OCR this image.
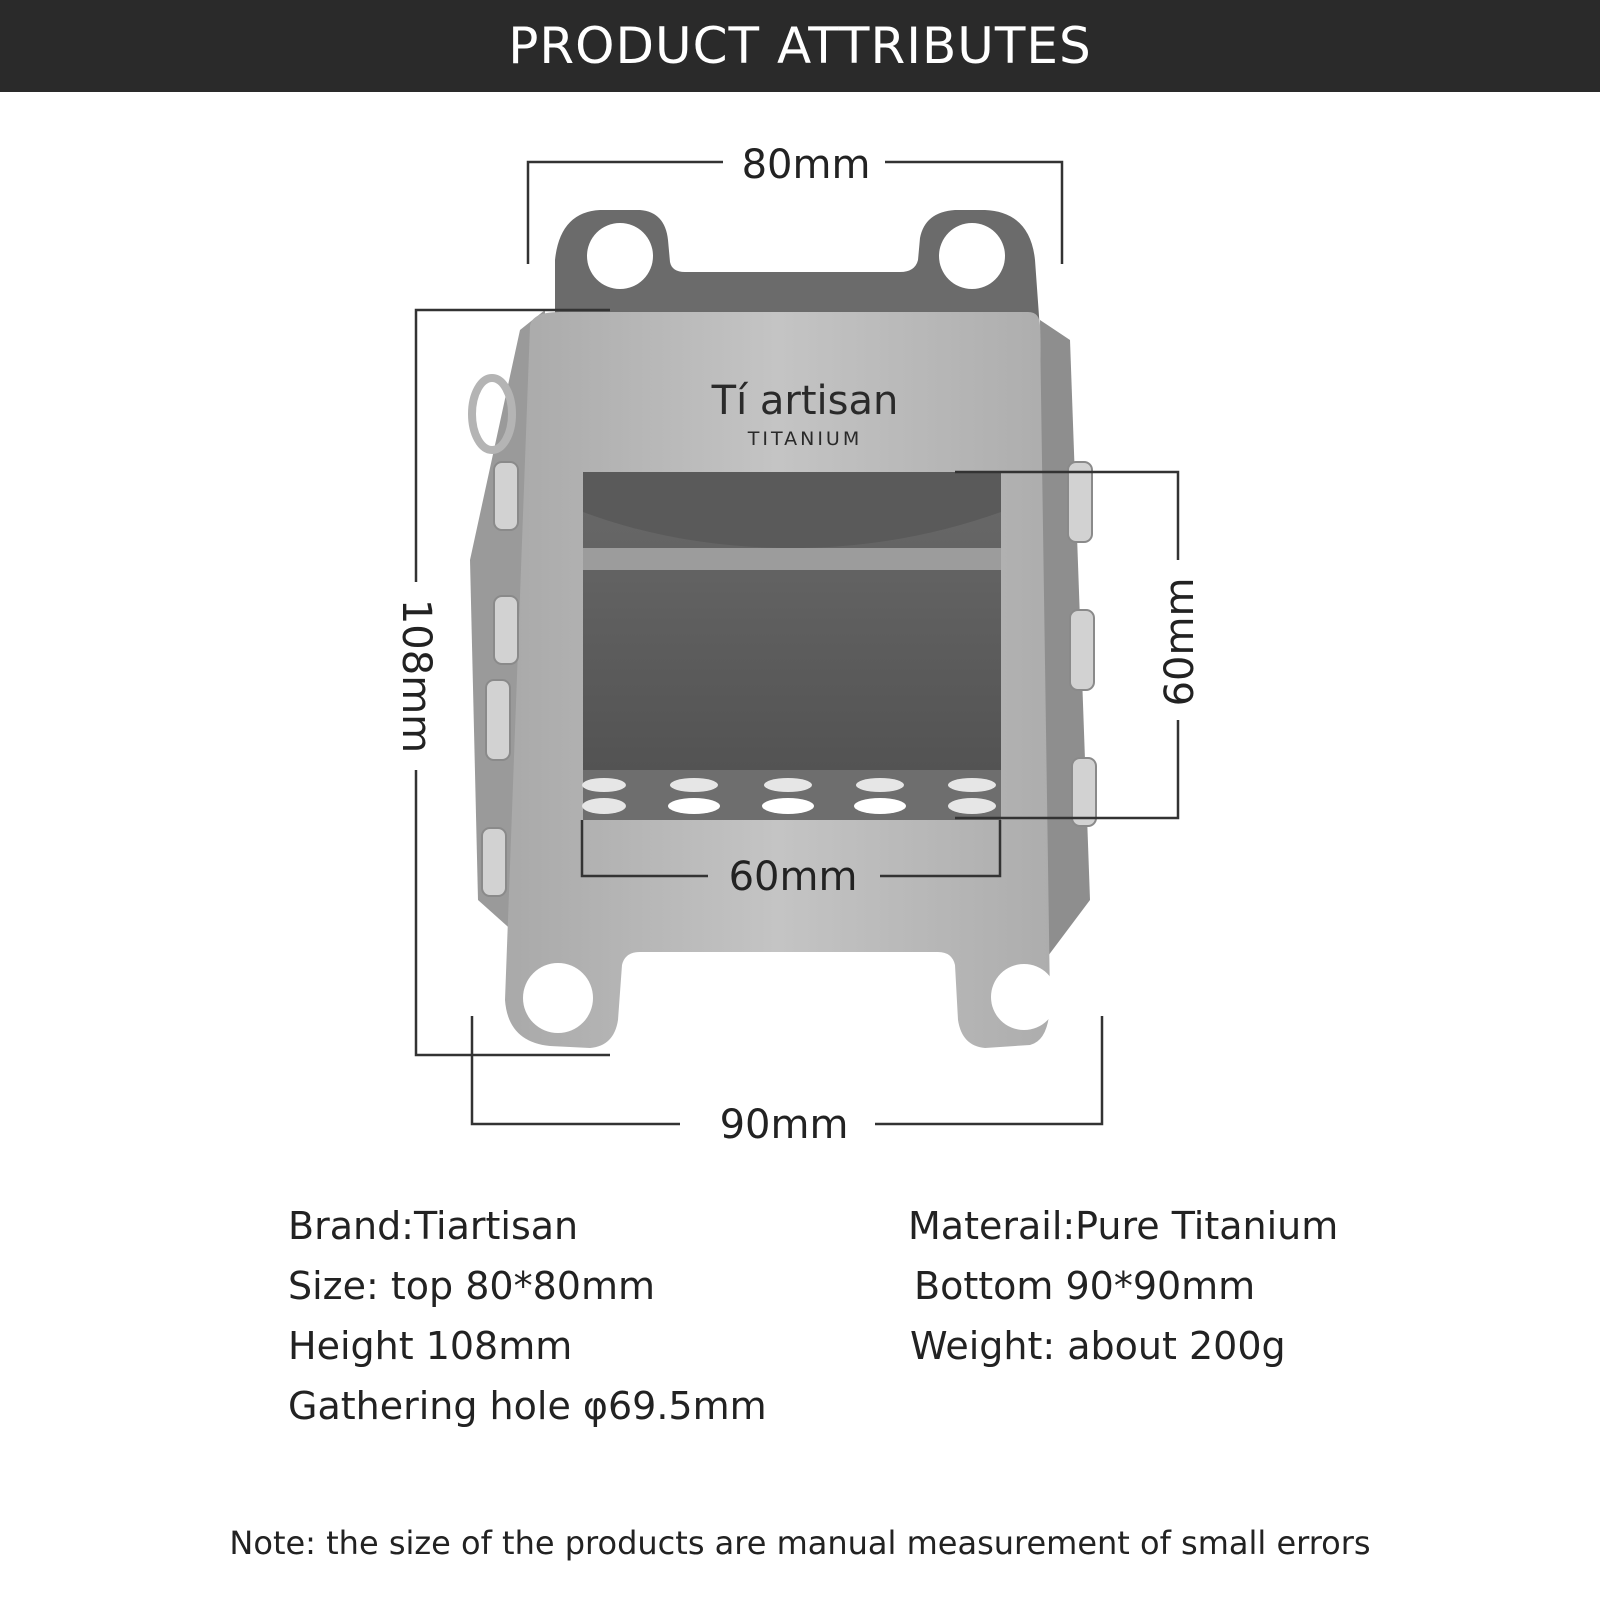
PRODUCT ATTRIBUTES
Tí artisan
TITANIUM
80mm
108mm	60mm
60mm
90mm
Brand:Tiartisan
Size: top 80*80mm
Height 108mm
Gathering hole φ69.5mm
Materail:Pure Titanium
Bottom 90*90mm
Weight: about 200g
Note: the size of the products are manual measurement of small errors
